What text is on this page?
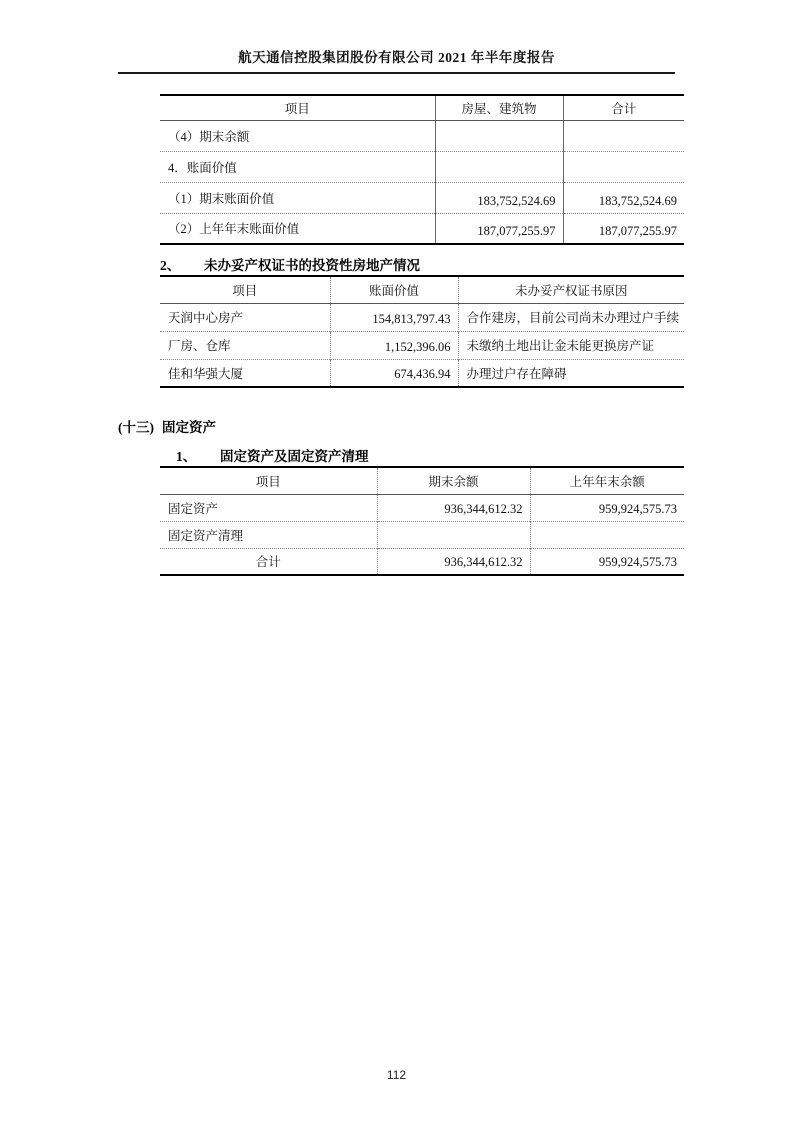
航天通信控股集团股份有限公司 2021 年半年度报告
项目	房屋、建筑物	合计
（4）期末余额		
4．账面价值		
（1）期末账面价值	183,752,524.69	183,752,524.69
（2）上年年末账面价值	187,077,255.97	187,077,255.97
2、 未办妥产权证书的投资性房地产情况
项目	账面价值	未办妥产权证书原因
天润中心房产	154,813,797.43	合作建房，目前公司尚未办理过户手续
厂房、仓库	1,152,396.06	未缴纳土地出让金未能更换房产证
佳和华强大厦	674,436.94	办理过户存在障碍
(十三) 固定资产
1、 固定资产及固定资产清理
项目	期末余额	上年年末余额
固定资产	936,344,612.32	959,924,575.73
固定资产清理		
合计	936,344,612.32	959,924,575.73
112
